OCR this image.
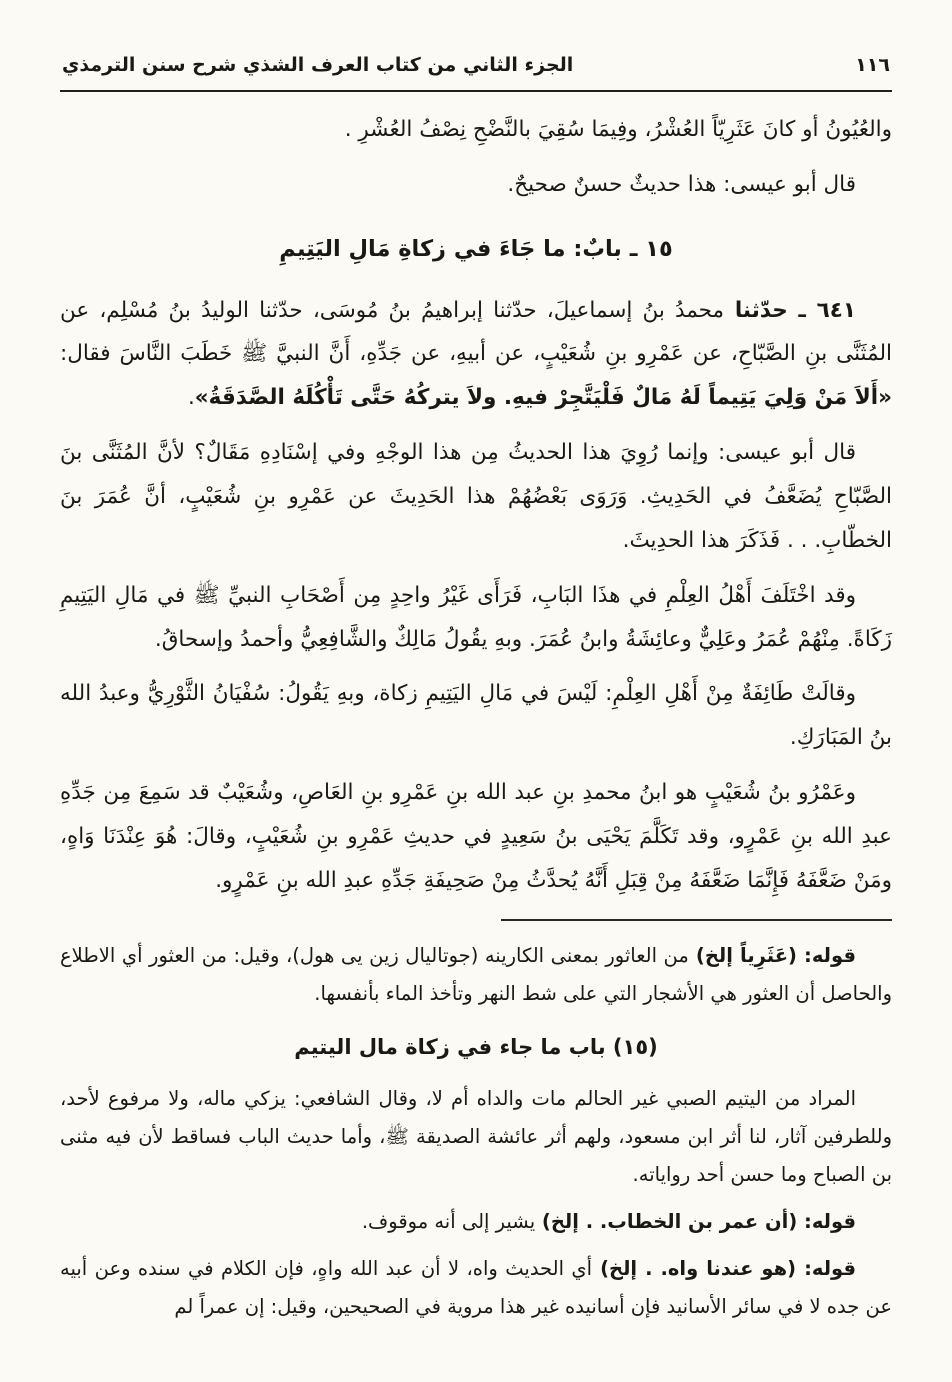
١١٦
الجزء الثاني من كتاب العرف الشذي شرح سنن الترمذي

والعُيُونُ أو كانَ عَثَرِيّاً العُشْرُ، وفِيمَا سُقِيَ بالنَّضْحِ نِصْفُ العُشْرِ .

قال أبو عيسى: هذا حديثٌ حسنٌ صحيحٌ.

١٥ ـ بابٌ: ما جَاءَ في زكاةِ مَالِ اليَتِيمِ

٦٤١ ـ حدّثنا محمدُ بنُ إسماعيلَ، حدّثنا إبراهيمُ بنُ مُوسَى، حدّثنا الوليدُ بنُ مُسْلِم، عن المُثَنَّى بنِ الصَّبّاحِ، عن عَمْرِو بنِ شُعَيْبٍ، عن أبيهِ، عن جَدِّهِ، أَنَّ النبيَّ ﷺ خَطَبَ النَّاسَ فقال: «أَلاَ مَنْ وَلِيَ يَتِيماً لَهُ مَالٌ فَلْيَتَّجِرْ فيهِ. ولاَ يتركُهُ حَتَّى تَأْكُلَهُ الصَّدَقَةُ».

قال أبو عيسى: وإنما رُوِيَ هذا الحديثُ مِن هذا الوجْهِ وفي إسْنَادِهِ مَقَالٌ؟ لأنَّ المُثَنَّى بنَ الصَّبّاحِ يُضَعَّفُ في الحَدِيثِ. وَرَوَى بَعْضُهُمْ هذا الحَدِيثَ عن عَمْرِو بنِ شُعَيْبٍ، أنَّ عُمَرَ بنَ الخطّابِ. . . فَذَكَرَ هذا الحدِيثَ.

وقد اخْتَلَفَ أَهْلُ العِلْمِ في هذَا البَابِ، فَرَأَى غَيْرُ واحِدٍ مِن أَصْحَابِ النبيِّ ﷺ في مَالِ اليَتِيمِ زَكَاةً. مِنْهُمْ عُمَرُ وعَلِيٌّ وعائِشَةُ وابنُ عُمَرَ. وبهِ يقُولُ مَالِكٌ والشَّافِعِيُّ وأحمدُ وإسحاقُ.

وقالَتْ طَائِفَةٌ مِنْ أَهْلِ العِلْمِ: لَيْسَ في مَالِ اليَتِيمِ زكاة، وبهِ يَقُولُ: سُفْيَانُ الثَّوْرِيُّ وعبدُ الله بنُ المَبَارَكِ.

وعَمْرُو بنُ شُعَيْبٍ هو ابنُ محمدِ بنِ عبد الله بنِ عَمْرِو بنِ العَاصِ، وشُعَيْبٌ قد سَمِعَ مِن جَدِّهِ عبدِ الله بنِ عَمْرٍو، وقد تَكَلَّمَ يَحْيَى بنُ سَعِيدٍ في حديثِ عَمْرِو بنِ شُعَيْبٍ، وقالَ: هُوَ عِنْدَنَا وَاهٍ، ومَنْ ضَعَّفَهُ فَإِنَّمَا ضَعَّفَهُ مِنْ قِبَلِ أَنَّهُ يُحدَّثُ مِنْ صَحِيفَةِ جَدِّهِ عبدِ الله بنِ عَمْرٍو.

قوله: (عَثَرِياً إلخ) من العاثور بمعنى الكارينه (جوتاليال زين يى هول)، وقيل: من العثور أي الاطلاع والحاصل أن العثور هي الأشجار التي على شط النهر وتأخذ الماء بأنفسها.

(١٥) باب ما جاء في زكاة مال اليتيم

المراد من اليتيم الصبي غير الحالم مات والداه أم لا، وقال الشافعي: يزكي ماله، ولا مرفوع لأحد، وللطرفين آثار، لنا أثر ابن مسعود، ولهم أثر عائشة الصديقة ﷺ، وأما حديث الباب فساقط لأن فيه مثنى بن الصباح وما حسن أحد رواياته.

قوله: (أن عمر بن الخطاب. . إلخ) يشير إلى أنه موقوف.

قوله: (هو عندنا واه. . إلخ) أي الحديث واه، لا أن عبد الله واهٍ، فإن الكلام في سنده وعن أبيه عن جده لا في سائر الأسانيد فإن أسانيده غير هذا مروية في الصحيحين، وقيل: إن عمراً لم
